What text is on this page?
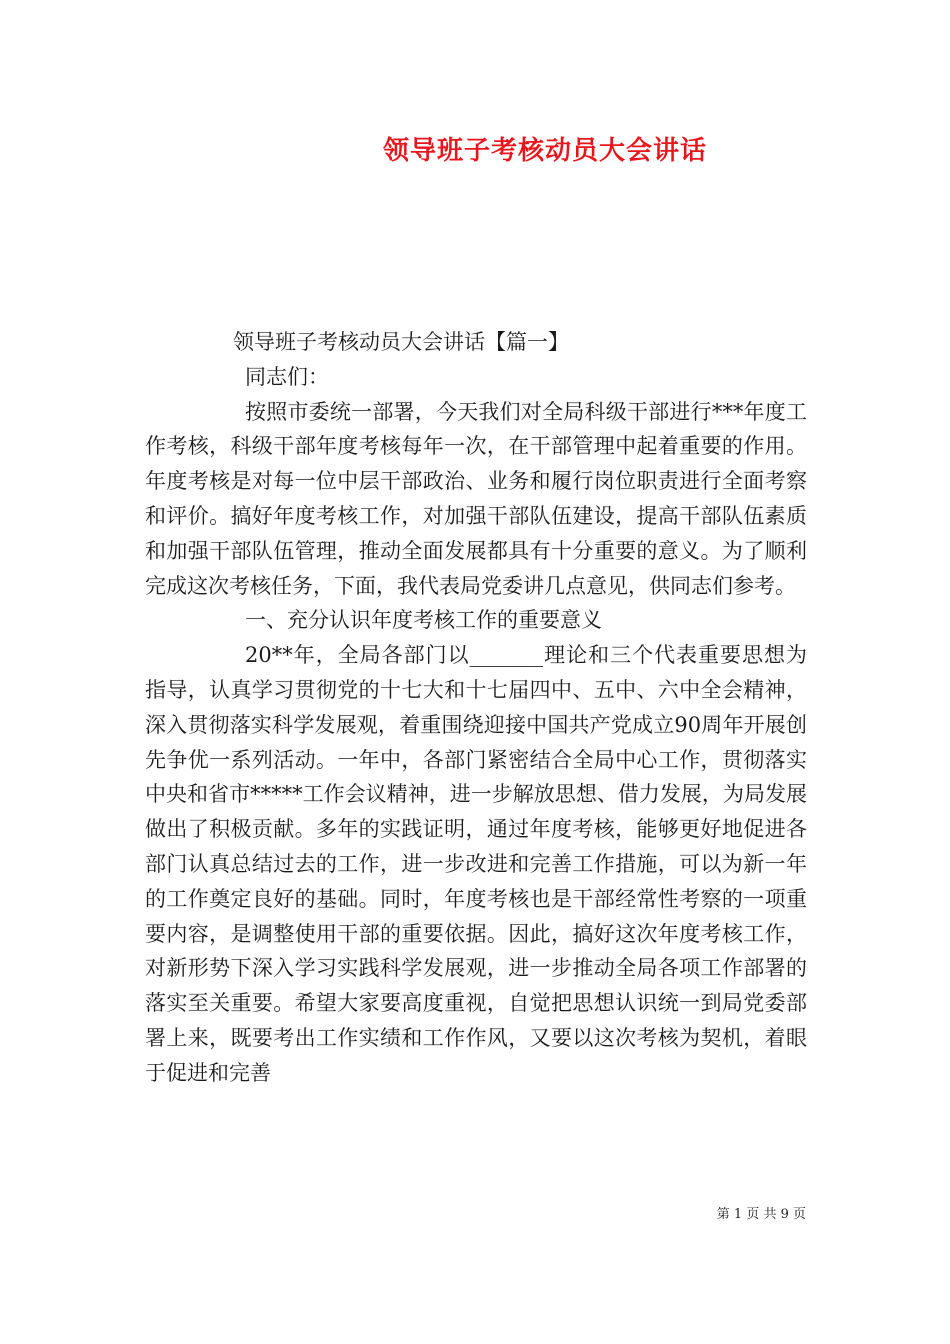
领导班子考核动员大会讲话

领导班子考核动员大会讲话【篇一】

同志们：

按照市委统一部署，今天我们对全局科级干部进行***年度工作考核，科级干部年度考核每年一次，在干部管理中起着重要的作用。年度考核是对每一位中层干部政治、业务和履行岗位职责进行全面考察和评价。搞好年度考核工作，对加强干部队伍建设，提高干部队伍素质和加强干部队伍管理，推动全面发展都具有十分重要的意义。为了顺利完成这次考核任务，下面，我代表局党委讲几点意见，供同志们参考。

一、充分认识年度考核工作的重要意义

20**年，全局各部门以_______理论和三个代表重要思想为指导，认真学习贯彻党的十七大和十七届四中、五中、六中全会精神，深入贯彻落实科学发展观，着重围绕迎接中国共产党成立90周年开展创先争优一系列活动。一年中，各部门紧密结合全局中心工作，贯彻落实中央和省市*****工作会议精神，进一步解放思想、借力发展，为局发展做出了积极贡献。多年的实践证明，通过年度考核，能够更好地促进各部门认真总结过去的工作，进一步改进和完善工作措施，可以为新一年的工作奠定良好的基础。同时，年度考核也是干部经常性考察的一项重要内容，是调整使用干部的重要依据。因此，搞好这次年度考核工作，对新形势下深入学习实践科学发展观，进一步推动全局各项工作部署的落实至关重要。希望大家要高度重视，自觉把思想认识统一到局党委部署上来，既要考出工作实绩和工作作风，又要以这次考核为契机，着眼于促进和完善

第 1 页 共 9 页
